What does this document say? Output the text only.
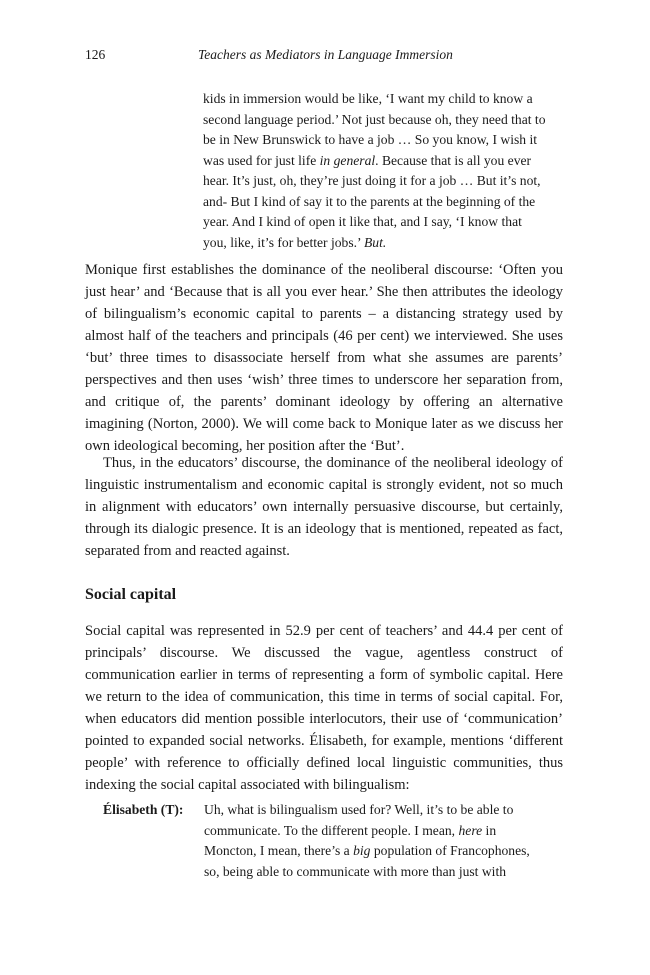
126	Teachers as Mediators in Language Immersion

kids in immersion would be like, ‘I want my child to know a second language period.’ Not just because oh, they need that to be in New Brunswick to have a job … So you know, I wish it was used for just life in general. Because that is all you ever hear. It’s just, oh, they’re just doing it for a job … But it’s not, and- But I kind of say it to the parents at the beginning of the year. And I kind of open it like that, and I say, ‘I know that you, like, it’s for better jobs.’ But.

Monique first establishes the dominance of the neoliberal discourse: ‘Often you just hear’ and ‘Because that is all you ever hear.’ She then attributes the ideology of bilingualism’s economic capital to parents – a distancing strategy used by almost half of the teachers and principals (46 per cent) we interviewed. She uses ‘but’ three times to disassociate herself from what she assumes are parents’ perspectives and then uses ‘wish’ three times to underscore her separation from, and critique of, the parents’ dominant ideology by offering an alternative imagining (Norton, 2000). We will come back to Monique later as we discuss her own ideological becoming, her position after the ‘But’.

Thus, in the educators’ discourse, the dominance of the neoliberal ideology of linguistic instrumentalism and economic capital is strongly evident, not so much in alignment with educators’ own internally persuasive discourse, but certainly, through its dialogic presence. It is an ideology that is mentioned, repeated as fact, separated from and reacted against.

Social capital

Social capital was represented in 52.9 per cent of teachers’ and 44.4 per cent of principals’ discourse. We discussed the vague, agentless construct of communication earlier in terms of representing a form of symbolic capital. Here we return to the idea of communication, this time in terms of social capital. For, when educators did mention possible interlocutors, their use of ‘communication’ pointed to expanded social networks. Élisabeth, for example, mentions ‘different people’ with reference to officially defined local linguistic communities, thus indexing the social capital associated with bilingualism:

Élisabeth (T): Uh, what is bilingualism used for? Well, it’s to be able to communicate. To the different people. I mean, here in Moncton, I mean, there’s a big population of Francophones, so, being able to communicate with more than just with
